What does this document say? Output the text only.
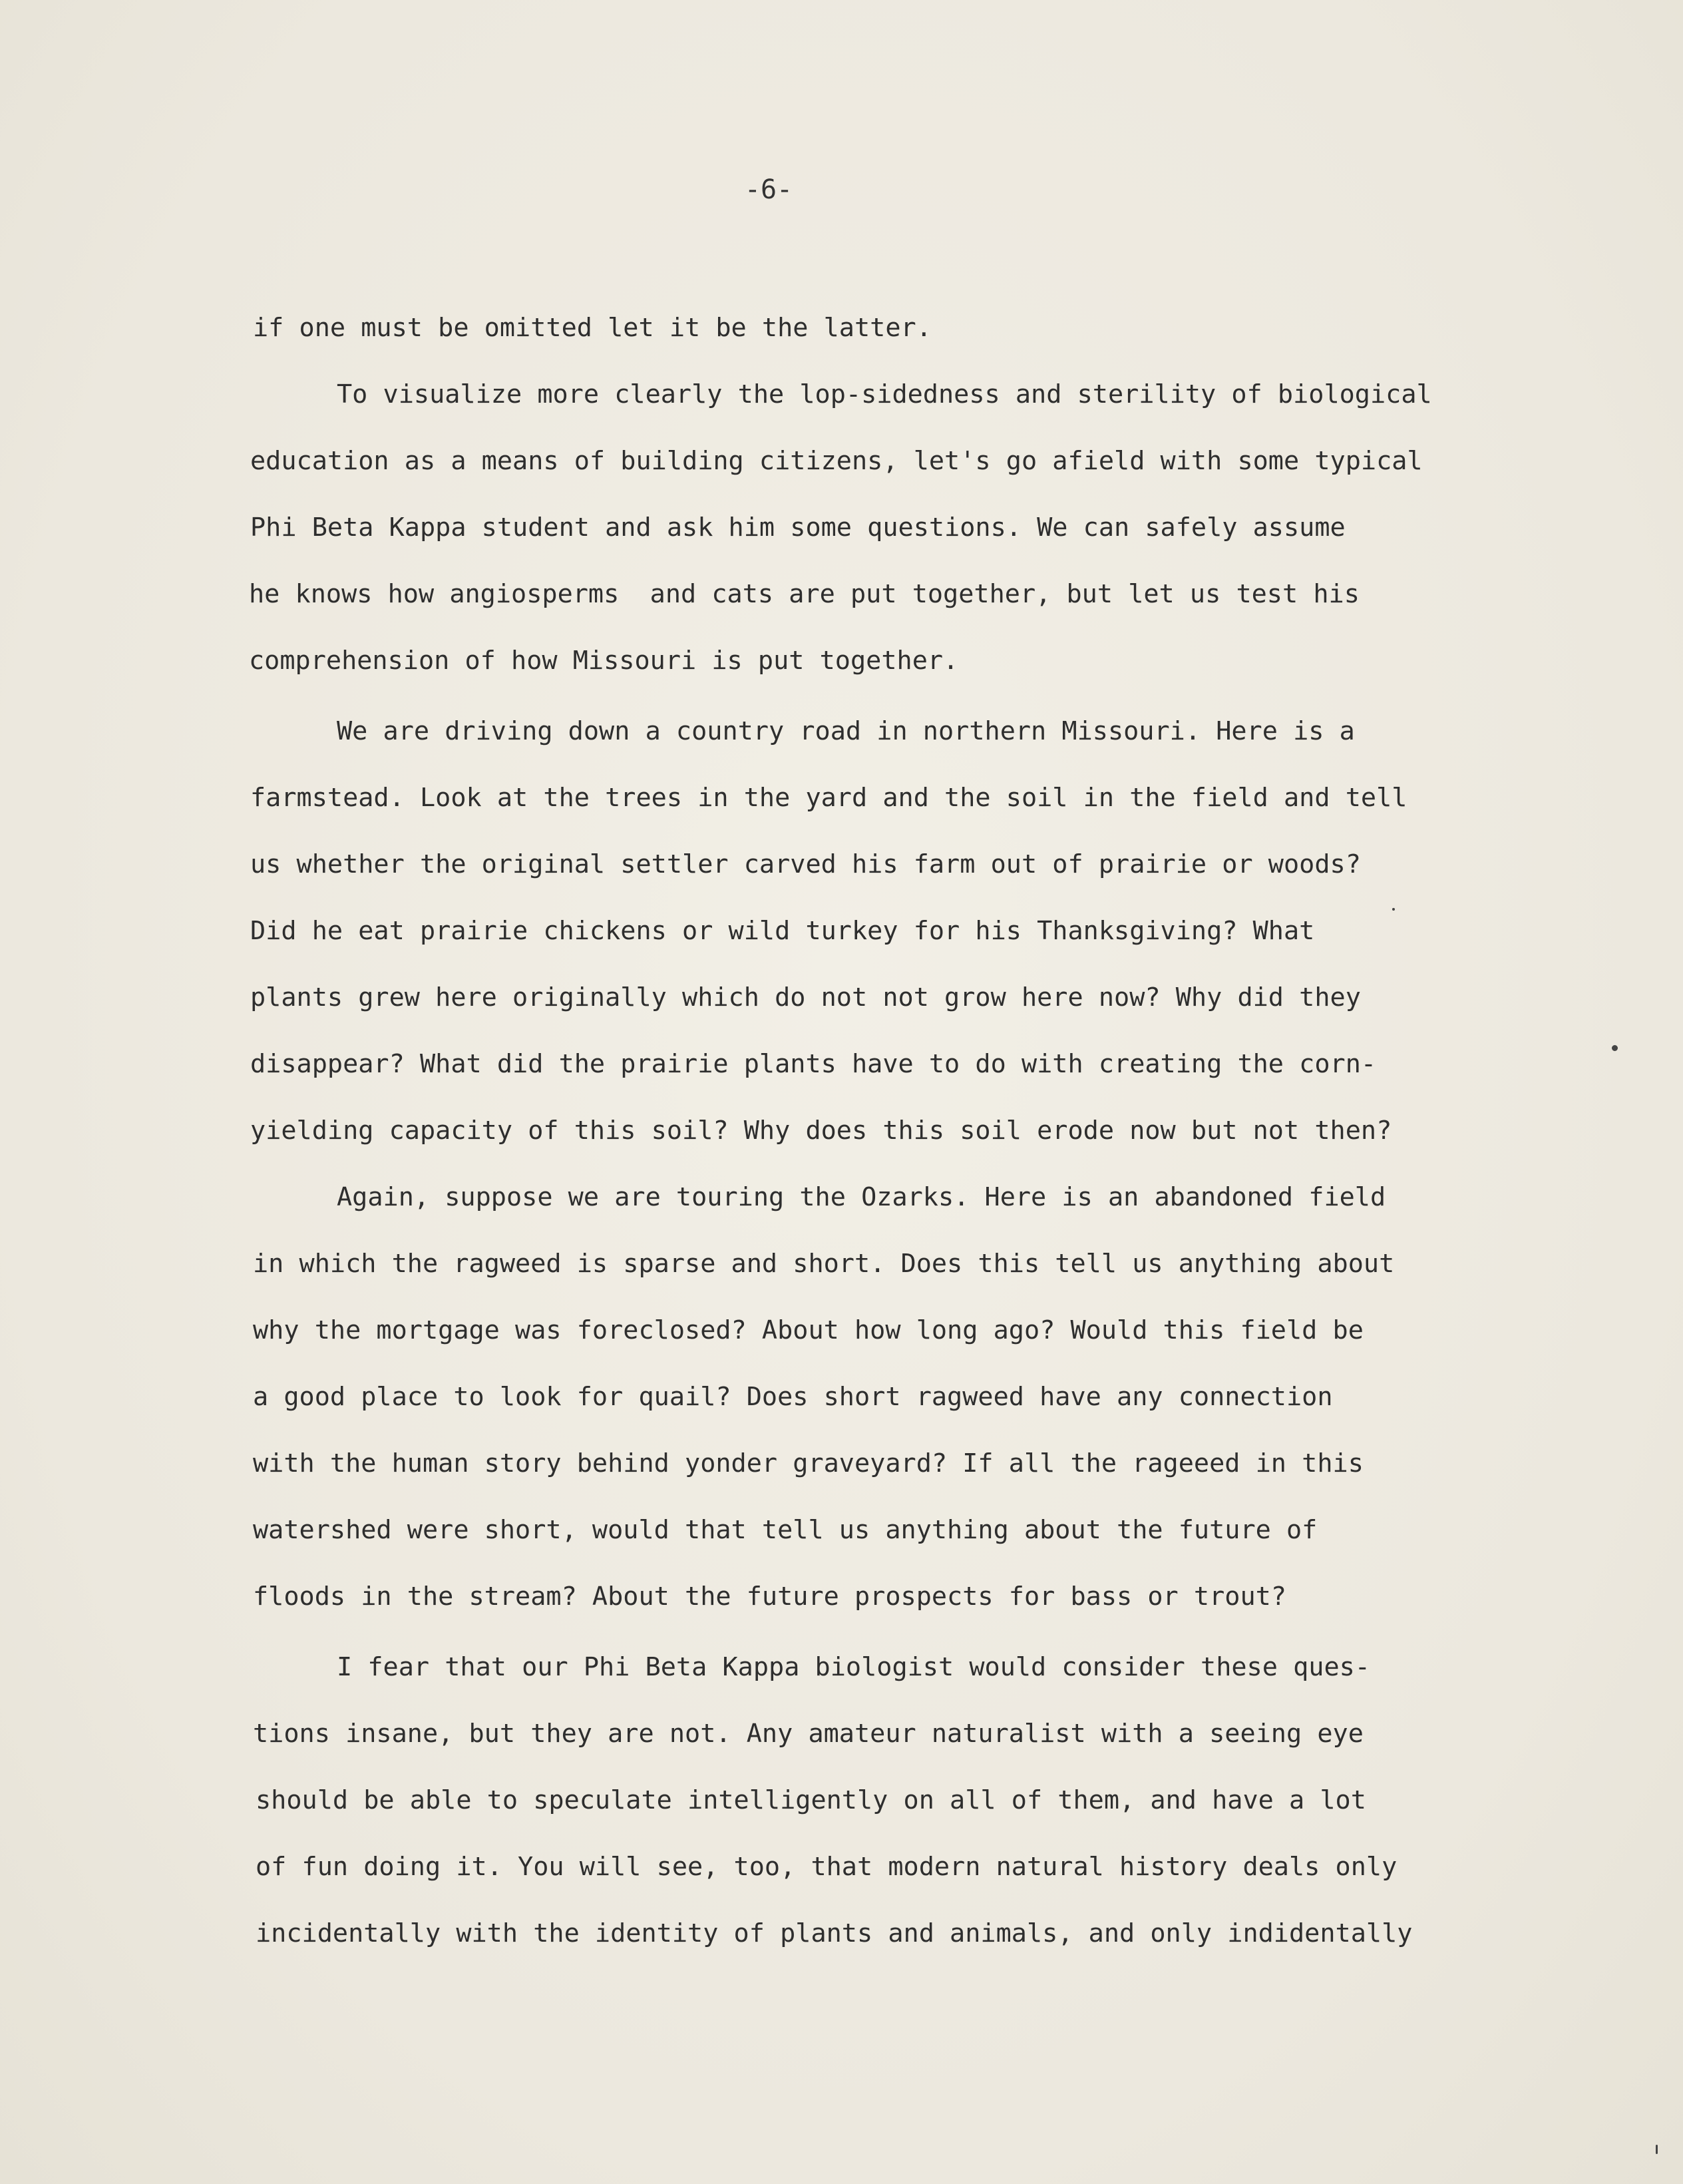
-6-
if one must be omitted let it be the latter.
To visualize more clearly the lop-sidedness and sterility of biological
education as a means of building citizens, let's go afield with some typical
Phi Beta Kappa student and ask him some questions. We can safely assume
he knows how angiosperms  and cats are put together, but let us test his
comprehension of how Missouri is put together.
We are driving down a country road in northern Missouri. Here is a
farmstead. Look at the trees in the yard and the soil in the field and tell
us whether the original settler carved his farm out of prairie or woods?
Did he eat prairie chickens or wild turkey for his Thanksgiving? What
plants grew here originally which do not not grow here now? Why did they
disappear? What did the prairie plants have to do with creating the corn-
yielding capacity of this soil? Why does this soil erode now but not then?
Again, suppose we are touring the Ozarks. Here is an abandoned field
in which the ragweed is sparse and short. Does this tell us anything about
why the mortgage was foreclosed? About how long ago? Would this field be
a good place to look for quail? Does short ragweed have any connection
with the human story behind yonder graveyard? If all the rageeed in this
watershed were short, would that tell us anything about the future of
floods in the stream? About the future prospects for bass or trout?
I fear that our Phi Beta Kappa biologist would consider these ques-
tions insane, but they are not. Any amateur naturalist with a seeing eye
should be able to speculate intelligently on all of them, and have a lot
of fun doing it. You will see, too, that modern natural history deals only
incidentally with the identity of plants and animals, and only indidentally
